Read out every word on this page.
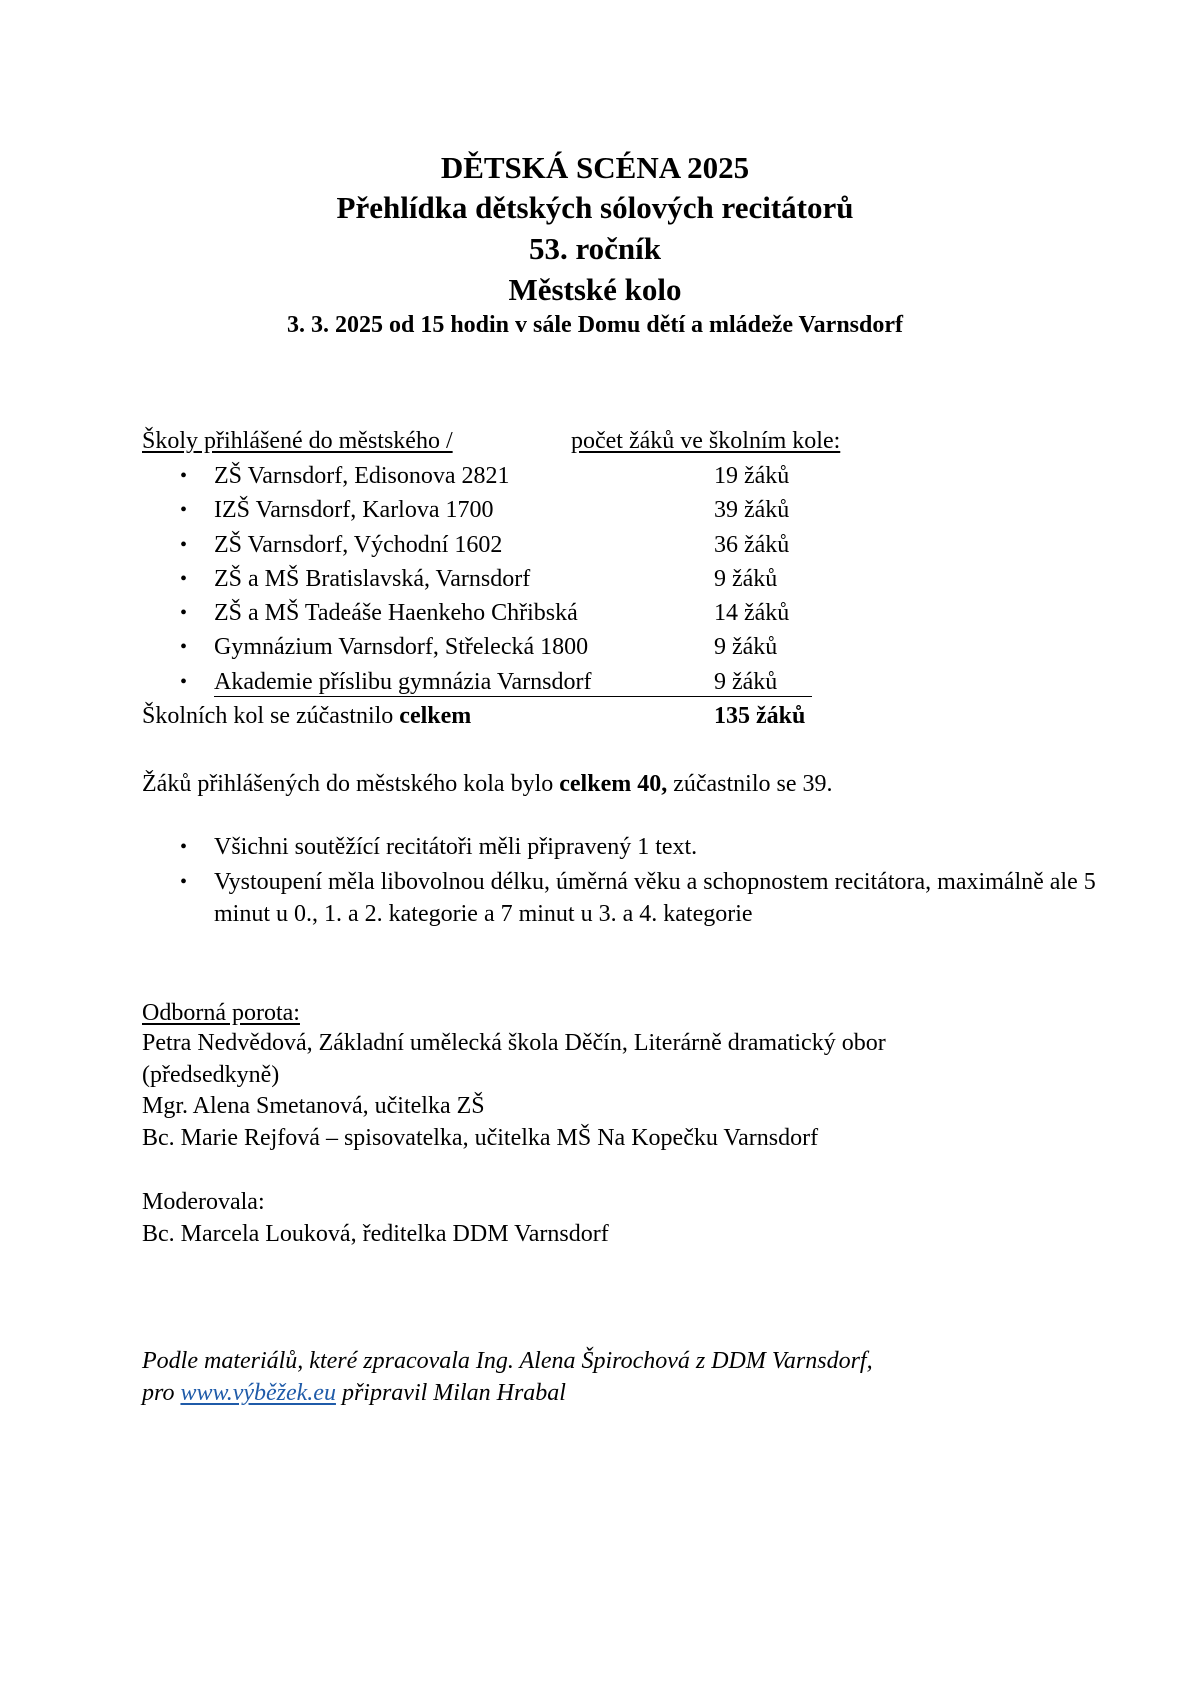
DĚTSKÁ SCÉNA 2025
Přehlídka dětských sólových recitátorů
53. ročník
Městské kolo
3. 3. 2025 od 15 hodin v sále Domu dětí a mládeže Varnsdorf
Školy přihlášené do městského /	počet žáků ve školním kole:
• ZŠ Varnsdorf, Edisonova 2821	19 žáků
• IZŠ Varnsdorf, Karlova 1700	39 žáků
• ZŠ Varnsdorf, Východní 1602	36 žáků
• ZŠ a MŠ Bratislavská, Varnsdorf	9 žáků
• ZŠ a MŠ Tadeáše Haenkeho Chřibská	14 žáků
• Gymnázium Varnsdorf, Střelecká 1800	9 žáků
• Akademie příslibu gymnázia Varnsdorf	9 žáků
Školních kol se zúčastnilo celkem	135 žáků
Žáků přihlášených do městského kola bylo celkem 40, zúčastnilo se 39.
• Všichni soutěžící recitátoři měli připravený 1 text.
• Vystoupení měla libovolnou délku, úměrná věku a schopnostem recitátora, maximálně ale 5 minut u 0., 1. a 2. kategorie a 7 minut u 3. a 4. kategorie
Odborná porota:
Petra Nedvědová, Základní umělecká škola Děčín, Literárně dramatický obor
(předsedkyně)
Mgr. Alena Smetanová, učitelka ZŠ
Bc. Marie Rejfová – spisovatelka, učitelka MŠ Na Kopečku Varnsdorf
Moderovala:
Bc. Marcela Louková, ředitelka DDM Varnsdorf
Podle materiálů, které zpracovala Ing. Alena Špirochová z DDM Varnsdorf,
pro www.výběžek.eu připravil Milan Hrabal
